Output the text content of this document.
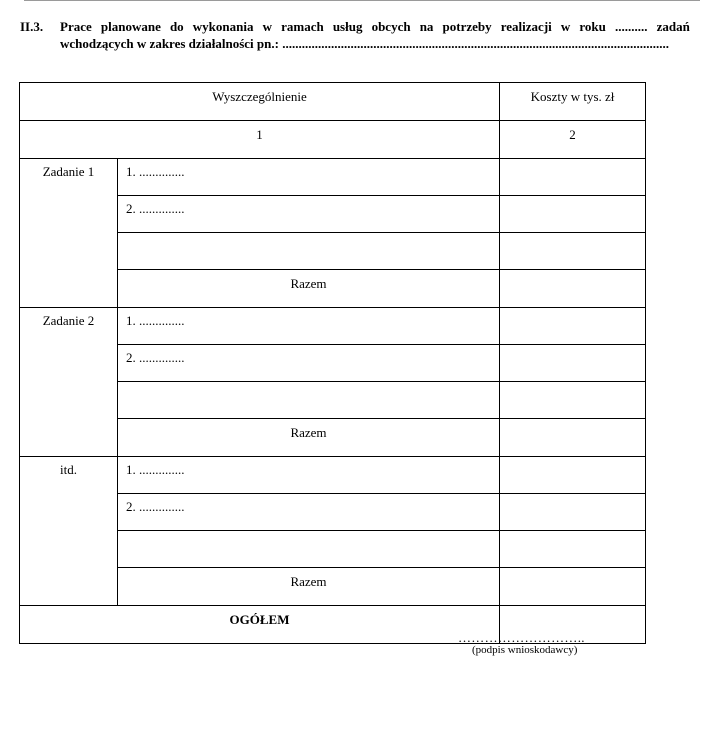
II.3. Prace planowane do wykonania w ramach usług obcych na potrzeby realizacji w roku .......... zadań
wchodzących w zakres działalności pn.: .......................................................................................................................
Wyszczególnienie		Koszty w tys. zł
1		2
Zadanie 1	1. ..............	
	2. ..............	

	Razem	
Zadanie 2	1. ..............	
	2. ..............	

	Razem	
itd.	1. ..............	
	2. ..............	

	Razem	
OGÓŁEM		
………………………..
(podpis wnioskodawcy)
